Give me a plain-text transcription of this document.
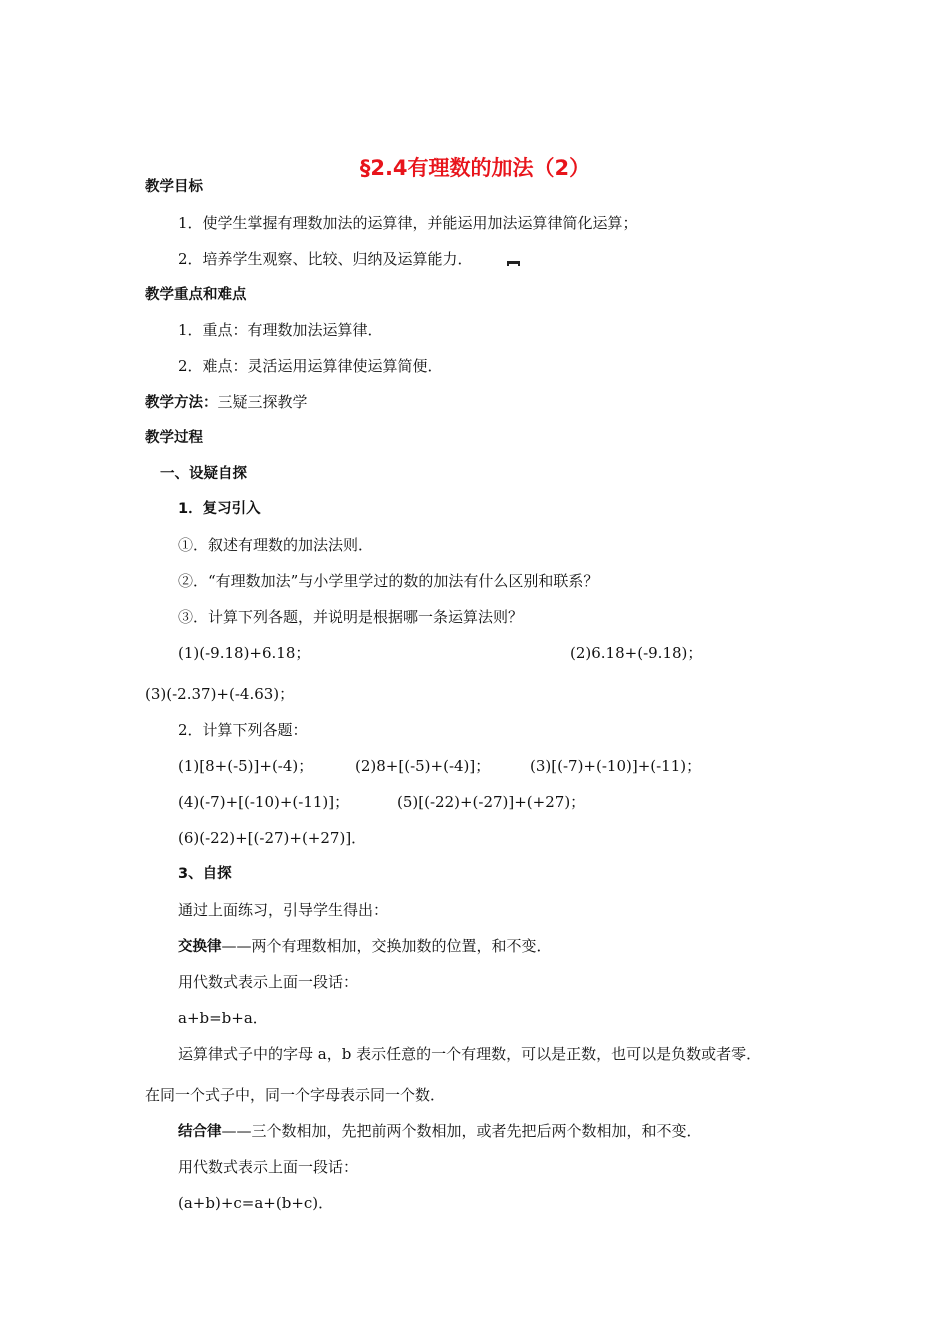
§2.4有理数的加法（2）
教学目标
1．使学生掌握有理数加法的运算律，并能运用加法运算律简化运算；
2．培养学生观察、比较、归纳及运算能力．
教学重点和难点
1．重点：有理数加法运算律．
2．难点：灵活运用运算律使运算简便．
教学方法：三疑三探教学
教学过程
一、设疑自探
1．复习引入
①．叙述有理数的加法法则．
②．“有理数加法”与小学里学过的数的加法有什么区别和联系？
③．计算下列各题，并说明是根据哪一条运算法则？
(1)(-9.18)+6.18；	(2)6.18+(-9.18)；
(3)(-2.37)+(-4.63)；
2．计算下列各题：
(1)[8+(-5)]+(-4)；	(2)8+[(-5)+(-4)]；	(3)[(-7)+(-10)]+(-11)；
(4)(-7)+[(-10)+(-11)]；	(5)[(-22)+(-27)]+(+27)；
(6)(-22)+[(-27)+(+27)]．
3、自探
通过上面练习，引导学生得出：
交换律——两个有理数相加，交换加数的位置，和不变．
用代数式表示上面一段话：
a+b=b+a．
运算律式子中的字母 a，b 表示任意的一个有理数，可以是正数，也可以是负数或者零．
在同一个式子中，同一个字母表示同一个数．
结合律——三个数相加，先把前两个数相加，或者先把后两个数相加，和不变．
用代数式表示上面一段话：
(a+b)+c=a+(b+c)．
